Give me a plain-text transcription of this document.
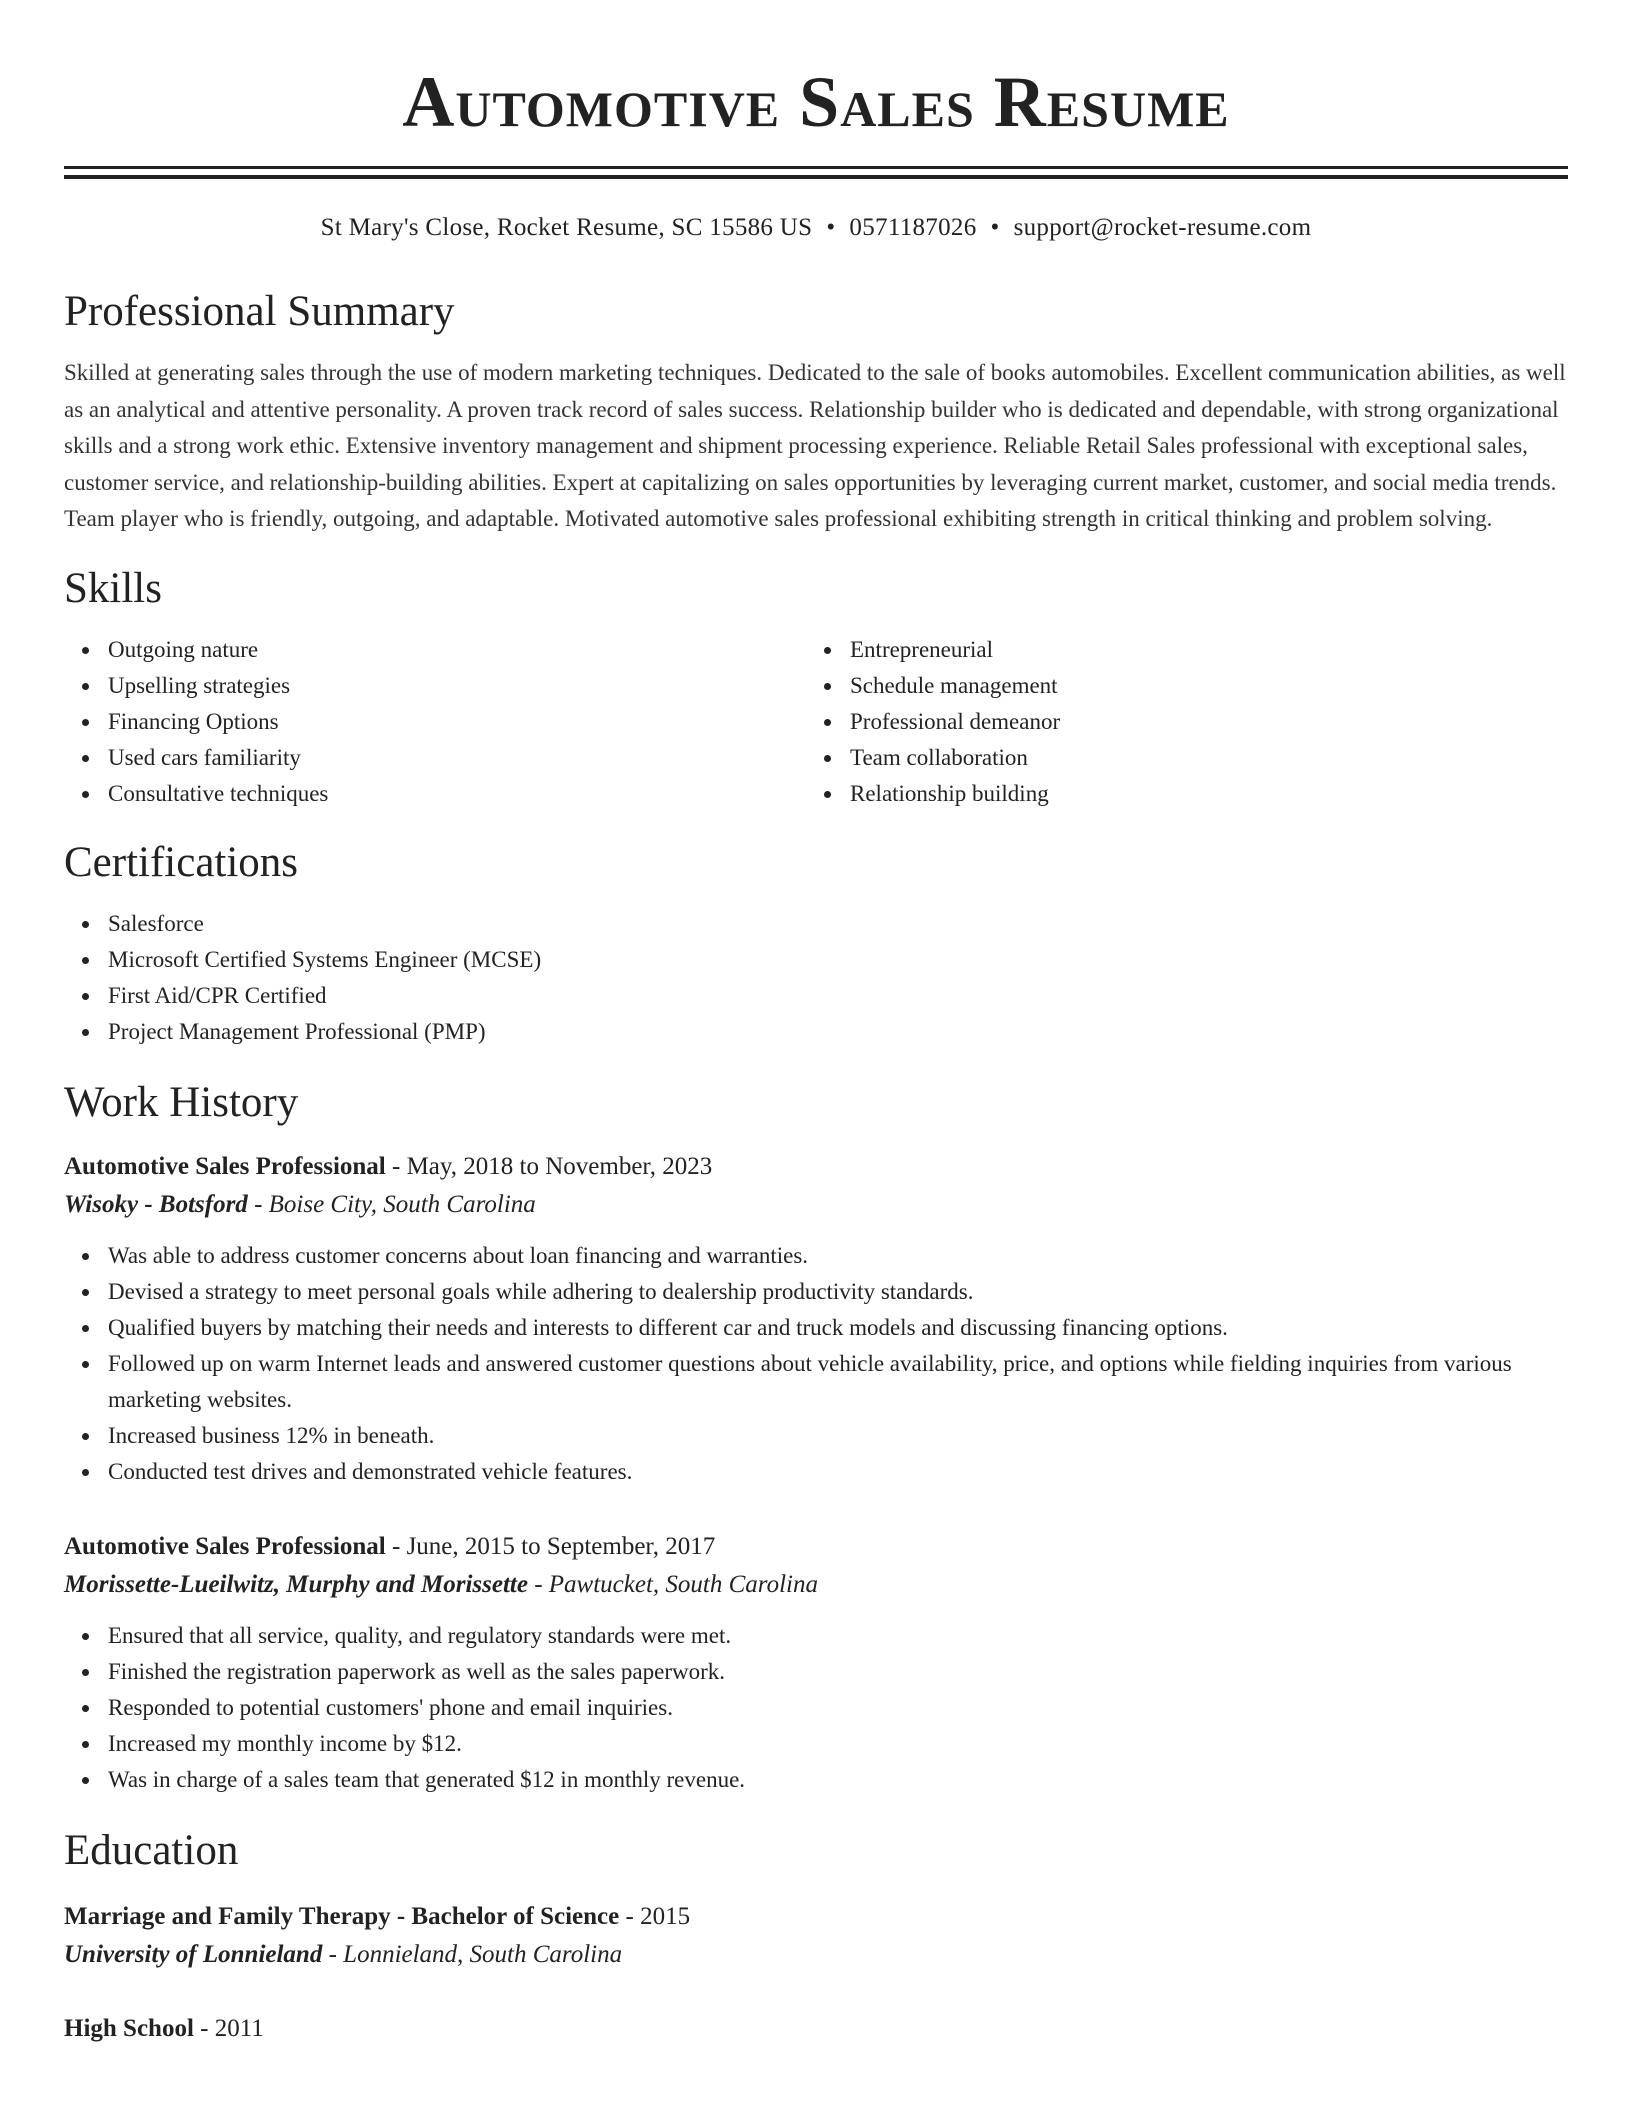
Automotive Sales Resume
St Mary's Close, Rocket Resume, SC 15586 US • 0571187026 • support@rocket-resume.com
Professional Summary
Skilled at generating sales through the use of modern marketing techniques. Dedicated to the sale of books automobiles. Excellent communication abilities, as well as an analytical and attentive personality. A proven track record of sales success. Relationship builder who is dedicated and dependable, with strong organizational skills and a strong work ethic. Extensive inventory management and shipment processing experience. Reliable Retail Sales professional with exceptional sales, customer service, and relationship-building abilities. Expert at capitalizing on sales opportunities by leveraging current market, customer, and social media trends. Team player who is friendly, outgoing, and adaptable. Motivated automotive sales professional exhibiting strength in critical thinking and problem solving.
Skills
Outgoing nature
Upselling strategies
Financing Options
Used cars familiarity
Consultative techniques
Entrepreneurial
Schedule management
Professional demeanor
Team collaboration
Relationship building
Certifications
Salesforce
Microsoft Certified Systems Engineer (MCSE)
First Aid/CPR Certified
Project Management Professional (PMP)
Work History
Automotive Sales Professional - May, 2018 to November, 2023
Wisoky - Botsford - Boise City, South Carolina
Was able to address customer concerns about loan financing and warranties.
Devised a strategy to meet personal goals while adhering to dealership productivity standards.
Qualified buyers by matching their needs and interests to different car and truck models and discussing financing options.
Followed up on warm Internet leads and answered customer questions about vehicle availability, price, and options while fielding inquiries from various marketing websites.
Increased business 12% in beneath.
Conducted test drives and demonstrated vehicle features.
Automotive Sales Professional - June, 2015 to September, 2017
Morissette-Lueilwitz, Murphy and Morissette - Pawtucket, South Carolina
Ensured that all service, quality, and regulatory standards were met.
Finished the registration paperwork as well as the sales paperwork.
Responded to potential customers' phone and email inquiries.
Increased my monthly income by $12.
Was in charge of a sales team that generated $12 in monthly revenue.
Education
Marriage and Family Therapy - Bachelor of Science - 2015
University of Lonnieland - Lonnieland, South Carolina
High School - 2011
